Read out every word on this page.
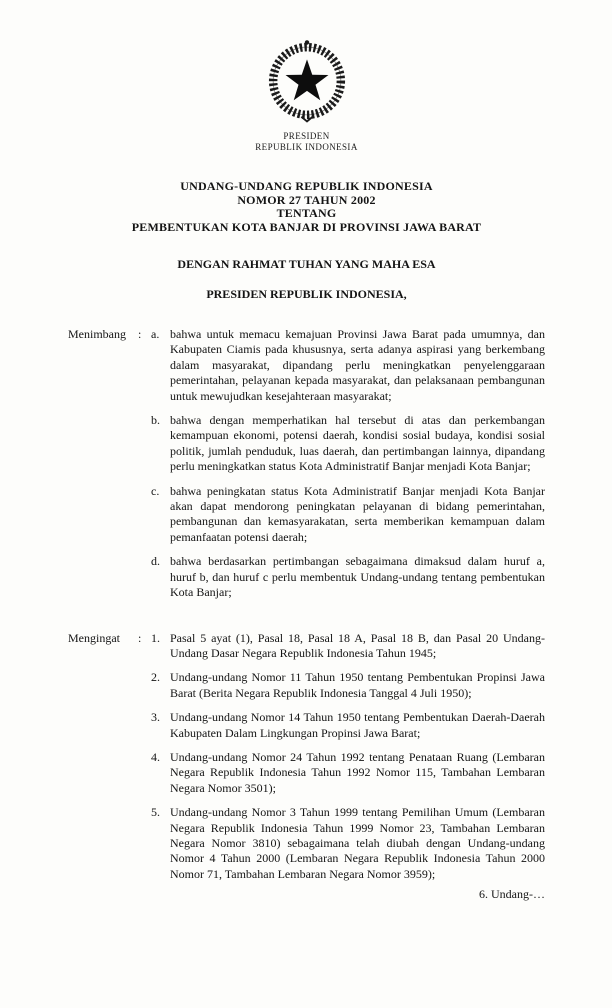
PRESIDEN
REPUBLIK INDONESIA
UNDANG-UNDANG REPUBLIK INDONESIA
NOMOR 27 TAHUN 2002
TENTANG
PEMBENTUKAN KOTA BANJAR DI PROVINSI JAWA BARAT
DENGAN RAHMAT TUHAN YANG MAHA ESA
PRESIDEN REPUBLIK INDONESIA,
Menimbang	: a. bahwa untuk memacu kemajuan Provinsi Jawa Barat pada umumnya, dan Kabupaten Ciamis pada khususnya, serta adanya aspirasi yang berkembang dalam masyarakat, dipandang perlu meningkatkan penyelenggaraan pemerintahan, pelayanan kepada masyarakat, dan pelaksanaan pembangunan untuk mewujudkan kesejahteraan masyarakat;
b. bahwa dengan memperhatikan hal tersebut di atas dan perkembangan kemampuan ekonomi, potensi daerah, kondisi sosial budaya, kondisi sosial politik, jumlah penduduk, luas daerah, dan pertimbangan lainnya, dipandang perlu meningkatkan status Kota Administratif Banjar menjadi Kota Banjar;
c. bahwa peningkatan status Kota Administratif Banjar menjadi Kota Banjar akan dapat mendorong peningkatan pelayanan di bidang pemerintahan, pembangunan dan kemasyarakatan, serta memberikan kemampuan dalam pemanfaatan potensi daerah;
d. bahwa berdasarkan pertimbangan sebagaimana dimaksud dalam huruf a, huruf b, dan huruf c perlu membentuk Undang-undang tentang pembentukan Kota Banjar;
Mengingat	: 1. Pasal 5 ayat (1), Pasal 18, Pasal 18 A, Pasal 18 B, dan Pasal 20 Undang-Undang Dasar Negara Republik Indonesia Tahun 1945;
2. Undang-undang Nomor 11 Tahun 1950 tentang Pembentukan Propinsi Jawa Barat (Berita Negara Republik Indonesia Tanggal 4 Juli 1950);
3. Undang-undang Nomor 14 Tahun 1950 tentang Pembentukan Daerah-Daerah Kabupaten Dalam Lingkungan Propinsi Jawa Barat;
4. Undang-undang Nomor 24 Tahun 1992 tentang Penataan Ruang (Lembaran Negara Republik Indonesia Tahun 1992 Nomor 115, Tambahan Lembaran Negara Nomor 3501);
5. Undang-undang Nomor 3 Tahun 1999 tentang Pemilihan Umum (Lembaran Negara Republik Indonesia Tahun 1999 Nomor 23, Tambahan Lembaran Negara Nomor 3810) sebagaimana telah diubah dengan Undang-undang Nomor 4 Tahun 2000 (Lembaran Negara Republik Indonesia Tahun 2000 Nomor 71, Tambahan Lembaran Negara Nomor 3959);
6. Undang-…
